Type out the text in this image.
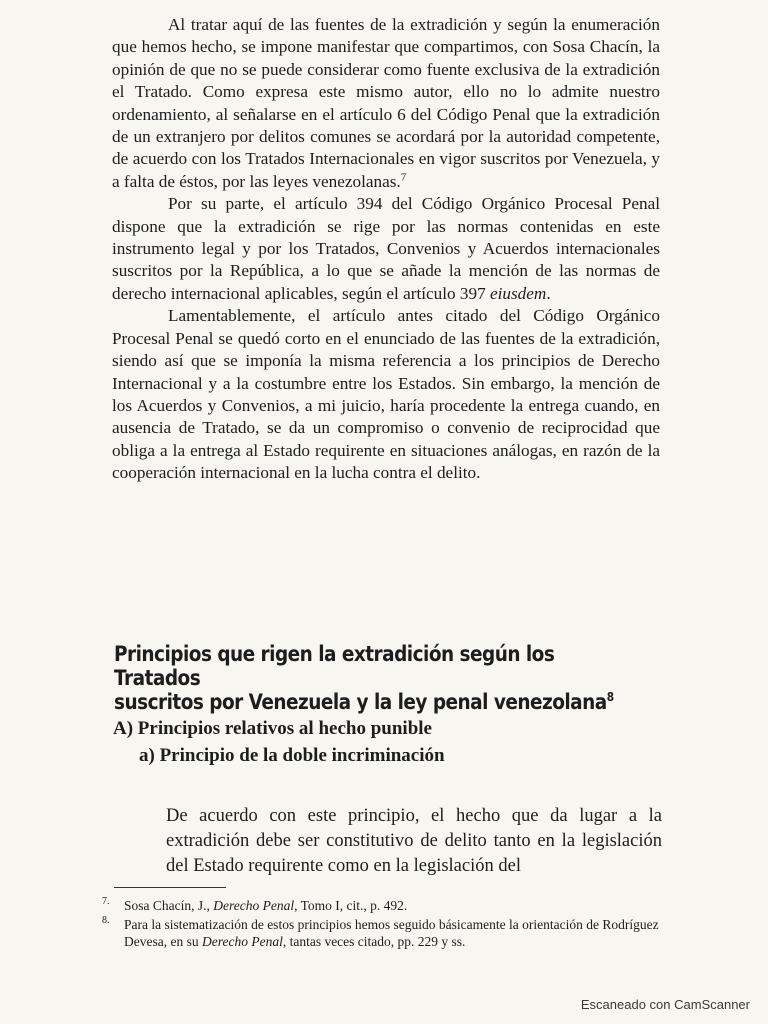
Al tratar aquí de las fuentes de la extradición y según la enumeración que hemos hecho, se impone manifestar que compartimos, con Sosa Chacín, la opinión de que no se puede considerar como fuente exclusiva de la extradición el Tratado. Como expresa este mismo autor, ello no lo admite nuestro ordenamiento, al señalarse en el artículo 6 del Código Penal que la extradición de un extranjero por delitos comunes se acordará por la autoridad competente, de acuerdo con los Tratados Internacionales en vigor suscritos por Venezuela, y a falta de éstos, por las leyes venezolanas.$^7$

Por su parte, el artículo 394 del Código Orgánico Procesal Penal dispone que la extradición se rige por las normas contenidas en este instrumento legal y por los Tratados, Convenios y Acuerdos internacionales suscritos por la República, a lo que se añade la mención de las normas de derecho internacional aplicables, según el artículo 397 eiusdem.

Lamentablemente, el artículo antes citado del Código Orgánico Procesal Penal se quedó corto en el enunciado de las fuentes de la extradición, siendo así que se imponía la misma referencia a los principios de Derecho Internacional y a la costumbre entre los Estados. Sin embargo, la mención de los Acuerdos y Convenios, a mi juicio, haría procedente la entrega cuando, en ausencia de Tratado, se da un compromiso o convenio de reciprocidad que obliga a la entrega al Estado requirente en situaciones análogas, en razón de la cooperación internacional en la lucha contra el delito.

Principios que rigen la extradición según los Tratados
suscritos por Venezuela y la ley penal venezolana$^8$
A) Principios relativos al hecho punible
a) Principio de la doble incriminación

De acuerdo con este principio, el hecho que da lugar a la extradición debe ser constitutivo de delito tanto en la legislación del Estado requirente como en la legislación del

7. Sosa Chacín, J., Derecho Penal, Tomo I, cit., p. 492.

8. Para la sistematización de estos principios hemos seguido básicamente la orientación de Rodríguez Devesa, en su Derecho Penal, tantas veces citado, pp. 229 y ss.

Escaneado con CamScanner
